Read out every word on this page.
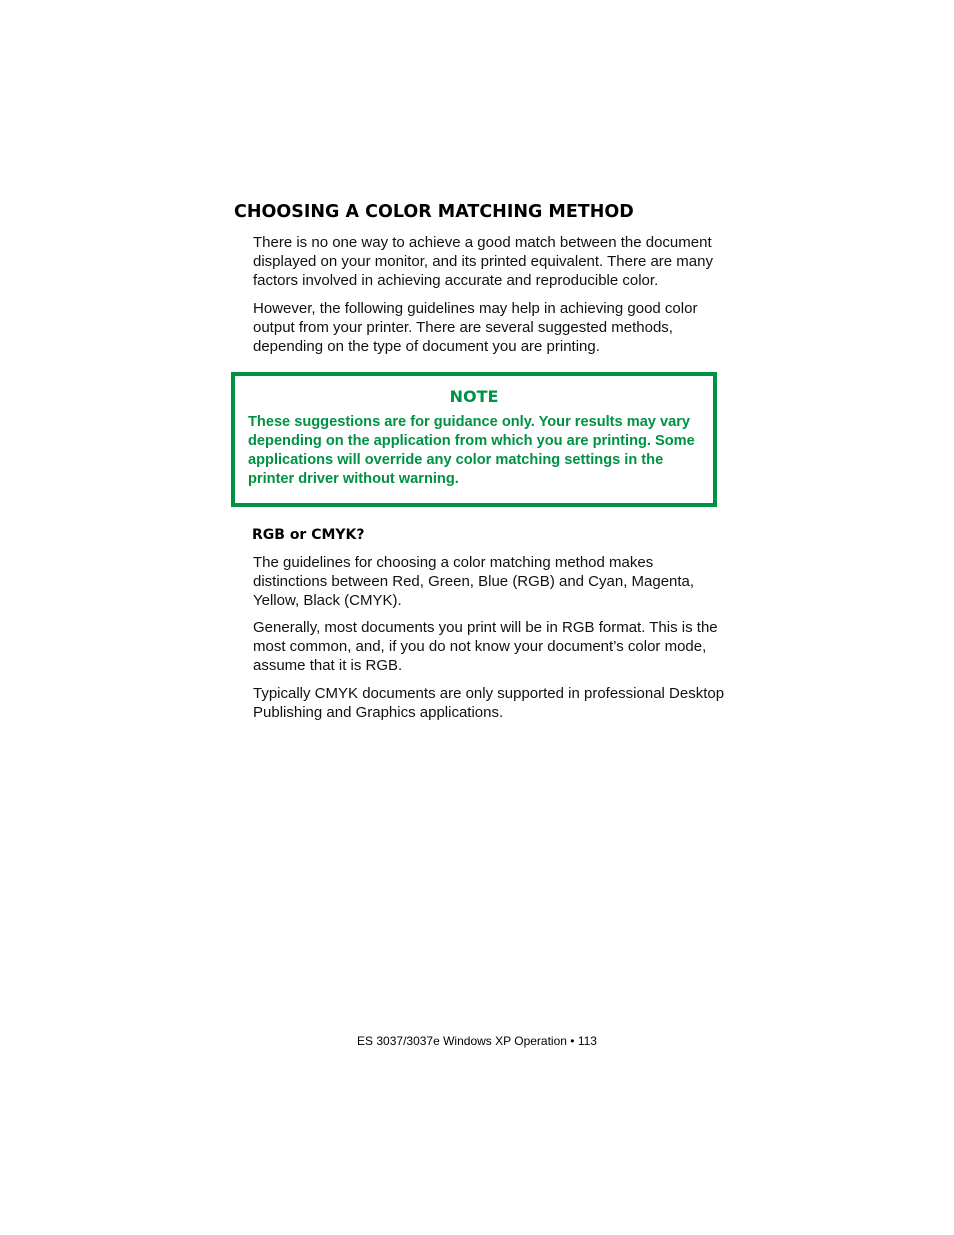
CHOOSING A COLOR MATCHING METHOD

There is no one way to achieve a good match between the document displayed on your monitor, and its printed equivalent. There are many factors involved in achieving accurate and reproducible color.

However, the following guidelines may help in achieving good color output from your printer. There are several suggested methods, depending on the type of document you are printing.

NOTE

These suggestions are for guidance only. Your results may vary depending on the application from which you are printing. Some applications will override any color matching settings in the printer driver without warning.

RGB or CMYK?

The guidelines for choosing a color matching method makes distinctions between Red, Green, Blue (RGB) and Cyan, Magenta, Yellow, Black (CMYK).

Generally, most documents you print will be in RGB format. This is the most common, and, if you do not know your document’s color mode, assume that it is RGB.

Typically CMYK documents are only supported in professional Desktop Publishing and Graphics applications.

ES 3037/3037e Windows XP Operation • 113
